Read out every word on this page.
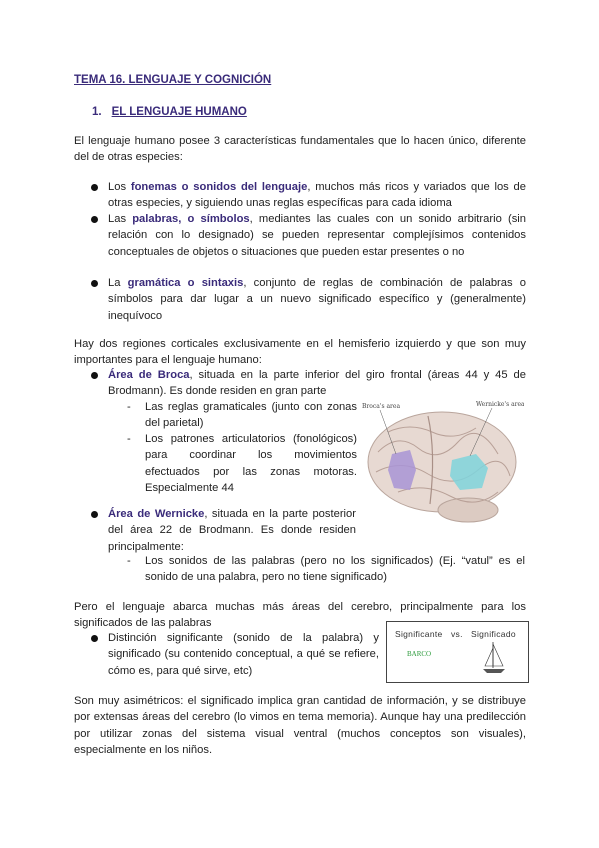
TEMA 16. LENGUAJE Y COGNICIÓN
1. EL LENGUAJE HUMANO
El lenguaje humano posee 3 características fundamentales que lo hacen único, diferente del de otras especies:
Los fonemas o sonidos del lenguaje, muchos más ricos y variados que los de otras especies, y siguiendo unas reglas específicas para cada idioma
Las palabras, o símbolos, mediantes las cuales con un sonido arbitrario (sin relación con lo designado) se pueden representar complejísimos contenidos conceptuales de objetos o situaciones que pueden estar presentes o no
La gramática o sintaxis, conjunto de reglas de combinación de palabras o símbolos para dar lugar a un nuevo significado específico y (generalmente) inequívoco
Hay dos regiones corticales exclusivamente en el hemisferio izquierdo y que son muy importantes para el lenguaje humano:
Área de Broca, situada en la parte inferior del giro frontal (áreas 44 y 45 de Brodmann). Es donde residen en gran parte
- Las reglas gramaticales (junto con zonas del parietal)
- Los patrones articulatorios (fonológicos) para coordinar los movimientos efectuados por las zonas motoras. Especialmente 44
Broca's area	Wernicke's area
Área de Wernicke, situada en la parte posterior del área 22 de Brodmann. Es donde residen principalmente:
- Los sonidos de las palabras (pero no los significados) (Ej. “vatul” es el sonido de una palabra, pero no tiene significado)
Pero el lenguaje abarca muchas más áreas del cerebro, principalmente para los significados de las palabras
Distinción significante (sonido de la palabra) y significado (su contenido conceptual, a qué se refiere, cómo es, para qué sirve, etc)
Significante vs. Significado
BARCO
Son muy asimétricos: el significado implica gran cantidad de información, y se distribuye por extensas áreas del cerebro (lo vimos en tema memoria). Aunque hay una predilección por utilizar zonas del sistema visual ventral (muchos conceptos son visuales), especialmente en los niños.
